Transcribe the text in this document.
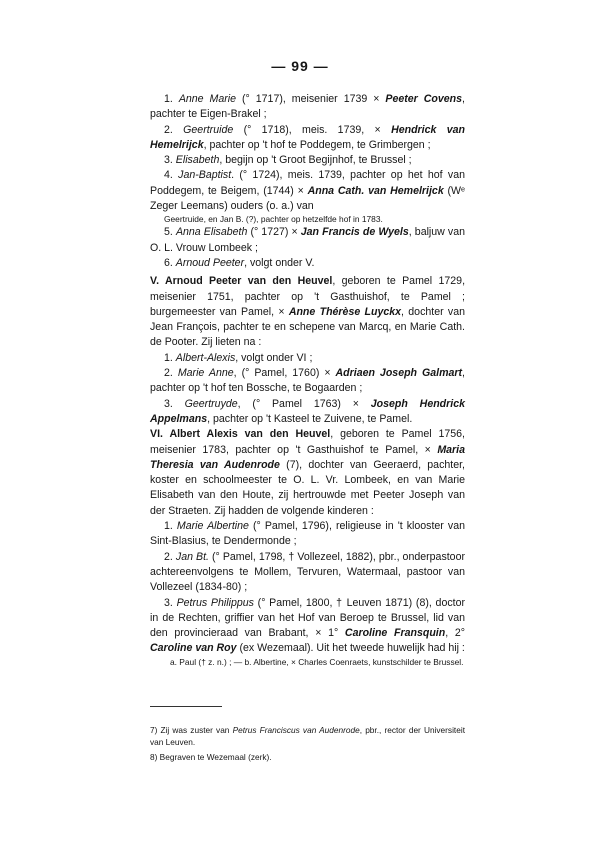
— 99 —

1. Anne Marie (° 1717), meisenier 1739 × Peeter Covens, pachter te Eigen-Brakel ;

2. Geertruide (° 1718), meis. 1739, × Hendrick van Hemelrijck, pachter op 't hof te Poddegem, te Grimbergen ;

3. Elisabeth, begijn op 't Groot Begijnhof, te Brussel ;

4. Jan-Baptist. (° 1724), meis. 1739, pachter op het hof van Poddegem, te Beigem, (1744) × Anna Cath. van Hemelrijck (Wᵉ Zeger Leemans) ouders (o. a.) van

Geertruide, en Jan B. (?), pachter op hetzelfde hof in 1783.

5. Anna Elisabeth (° 1727) × Jan Francis de Wyels, baljuw van O. L. Vrouw Lombeek ;

6. Arnoud Peeter, volgt onder V.

V. Arnoud Peeter van den Heuvel, geboren te Pamel 1729, meisenier 1751, pachter op 't Gasthuishof, te Pamel ; burgemeester van Pamel, × Anne Thérèse Luyckx, dochter van Jean François, pachter te en schepene van Marcq, en Marie Cath. de Pooter. Zij lieten na :

1. Albert-Alexis, volgt onder VI ;

2. Marie Anne, (° Pamel, 1760) × Adriaen Joseph Galmart, pachter op 't hof ten Bossche, te Bogaarden ;

3. Geertruyde, (° Pamel 1763) × Joseph Hendrick Appelmans, pachter op 't Kasteel te Zuivene, te Pamel.

VI. Albert Alexis van den Heuvel, geboren te Pamel 1756, meisenier 1783, pachter op 't Gasthuishof te Pamel, × Maria Theresia van Audenrode (7), dochter van Geeraerd, pachter, koster en schoolmeester te O. L. Vr. Lombeek, en van Marie Elisabeth van den Houte, zij hertrouwde met Peeter Joseph van der Straeten. Zij hadden de volgende kinderen :

1. Marie Albertine (° Pamel, 1796), religieuse in 't klooster van Sint-Blasius, te Dendermonde ;

2. Jan Bt. (° Pamel, 1798, † Vollezeel, 1882), pbr., onderpastoor achtereenvolgens te Mollem, Tervuren, Watermaal, pastoor van Vollezeel (1834-80) ;

3. Petrus Philippus (° Pamel, 1800, † Leuven 1871) (8), doctor in de Rechten, griffier van het Hof van Beroep te Brussel, lid van den provincieraad van Brabant, × 1° Caroline Fransquin, 2° Caroline van Roy (ex Wezemaal). Uit het tweede huwelijk had hij :

a. Paul († z. n.) ; — b. Albertine, × Charles Coenraets, kunstschilder te Brussel.

7) Zij was zuster van Petrus Franciscus van Audenrode, pbr., rector der Universiteit van Leuven.

8) Begraven te Wezemaal (zerk).
